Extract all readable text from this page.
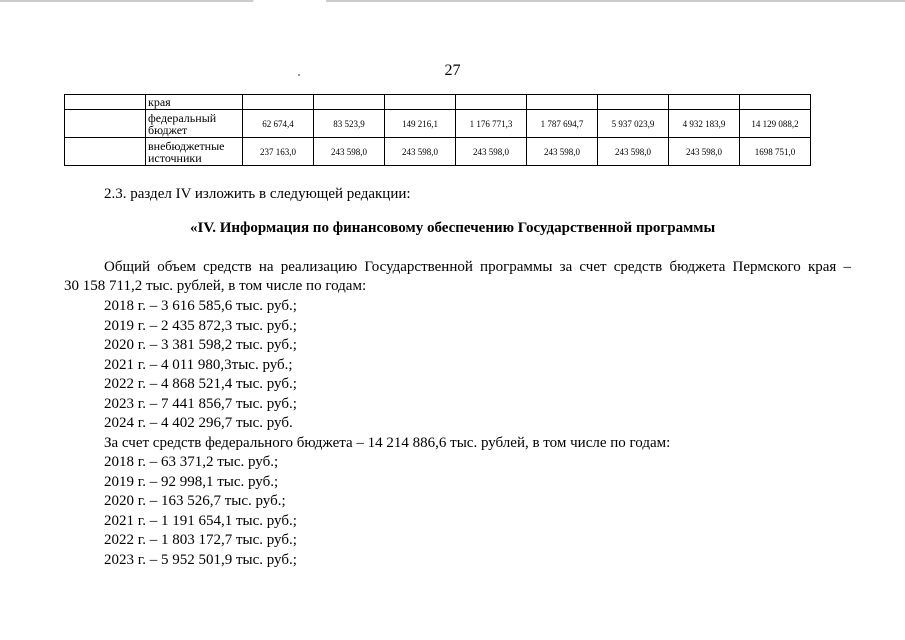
27
	края								
	федеральный бюджет	62 674,4	83 523,9	149 216,1	1 176 771,3	1 787 694,7	5 937 023,9	4 932 183,9	14 129 088,2
	внебюджетные источники	237 163,0	243 598,0	243 598,0	243 598,0	243 598,0	243 598,0	243 598,0	1698 751,0
2.3. раздел IV изложить в следующей редакции:
«IV. Информация по финансовому обеспечению Государственной программы
Общий объем средств на реализацию Государственной программы за счет средств бюджета Пермского края –
30 158 711,2 тыс. рублей, в том числе по годам:
2018 г. – 3 616 585,6 тыс. руб.;
2019 г. – 2 435 872,3 тыс. руб.;
2020 г. – 3 381 598,2 тыс. руб.;
2021 г. – 4 011 980,3тыс. руб.;
2022 г. – 4 868 521,4 тыс. руб.;
2023 г. – 7 441 856,7 тыс. руб.;
2024 г. – 4 402 296,7 тыс. руб.
За счет средств федерального бюджета – 14 214 886,6 тыс. рублей, в том числе по годам:
2018 г. – 63 371,2 тыс. руб.;
2019 г. – 92 998,1 тыс. руб.;
2020 г. – 163 526,7 тыс. руб.;
2021 г. – 1 191 654,1 тыс. руб.;
2022 г. – 1 803 172,7 тыс. руб.;
2023 г. – 5 952 501,9 тыс. руб.;
